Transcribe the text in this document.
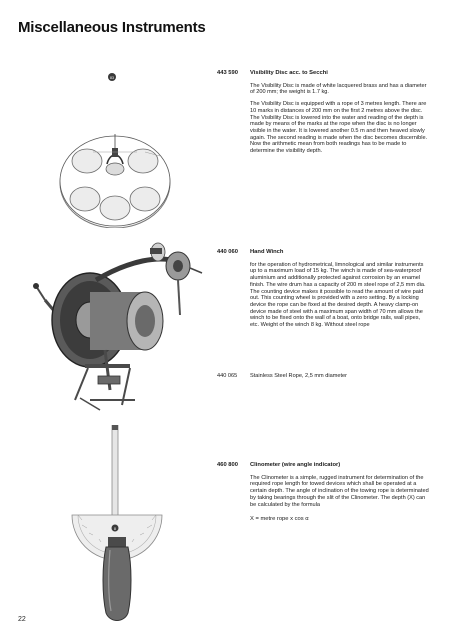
Miscellaneous Instruments
83
8
443 590	Visibility Disc acc. to Secchi

The Visibility Disc is made of white lacquered brass and has a diameter of 200 mm; the weight is 1.7 kg.

The Visibility Disc is equipped with a rope of 3 metres length. There are 10 marks in distances of 200 mm on the first 2 metres above the disc. The Visibility Disc is lowered into the water and reading of the depth is made by means of the marks at the rope when the disc is no longer visible in the water. It is lowered another 0.5 m and then heaved slowly again. The second reading is made when the disc becomes discernible. Now the arithmetic mean from both readings has to be made to determine the visibility depth.

440 060	Hand Winch

for the operation of hydrometrical, limnological and similar instruments up to a maximum load of 15 kg. The winch is made of sea-waterproof aluminium and additionally protected against corrosion by an enamel finish. The wire drum has a capacity of 200 m steel rope of 2,5 mm dia. The counting device makes it possible to read the amount of wire paid out. This counting wheel is provided with a zero setting. By a locking device the rope can be fixed at the desired depth. A heavy clamp-on device made of steel with a maximum span width of 70 mm allows the winch to be fixed onto the wall of a boat, onto bridge rails, wall pipes, etc. Weight of the winch 8 kg. Without steel rope

440 065	Stainless Steel Rope, 2,5 mm diameter
460 800	Clinometer (wire angle indicator)

The Clinometer is a simple, rugged instrument for determination of the required rope length for towed devices which shall be operated at a certain depth. The angle of inclination of the towing rope is determinated by taking bearings through the slit of the Clinometer. The depth (X) can be calculated by the formula

X = metre rope x cos α
22
